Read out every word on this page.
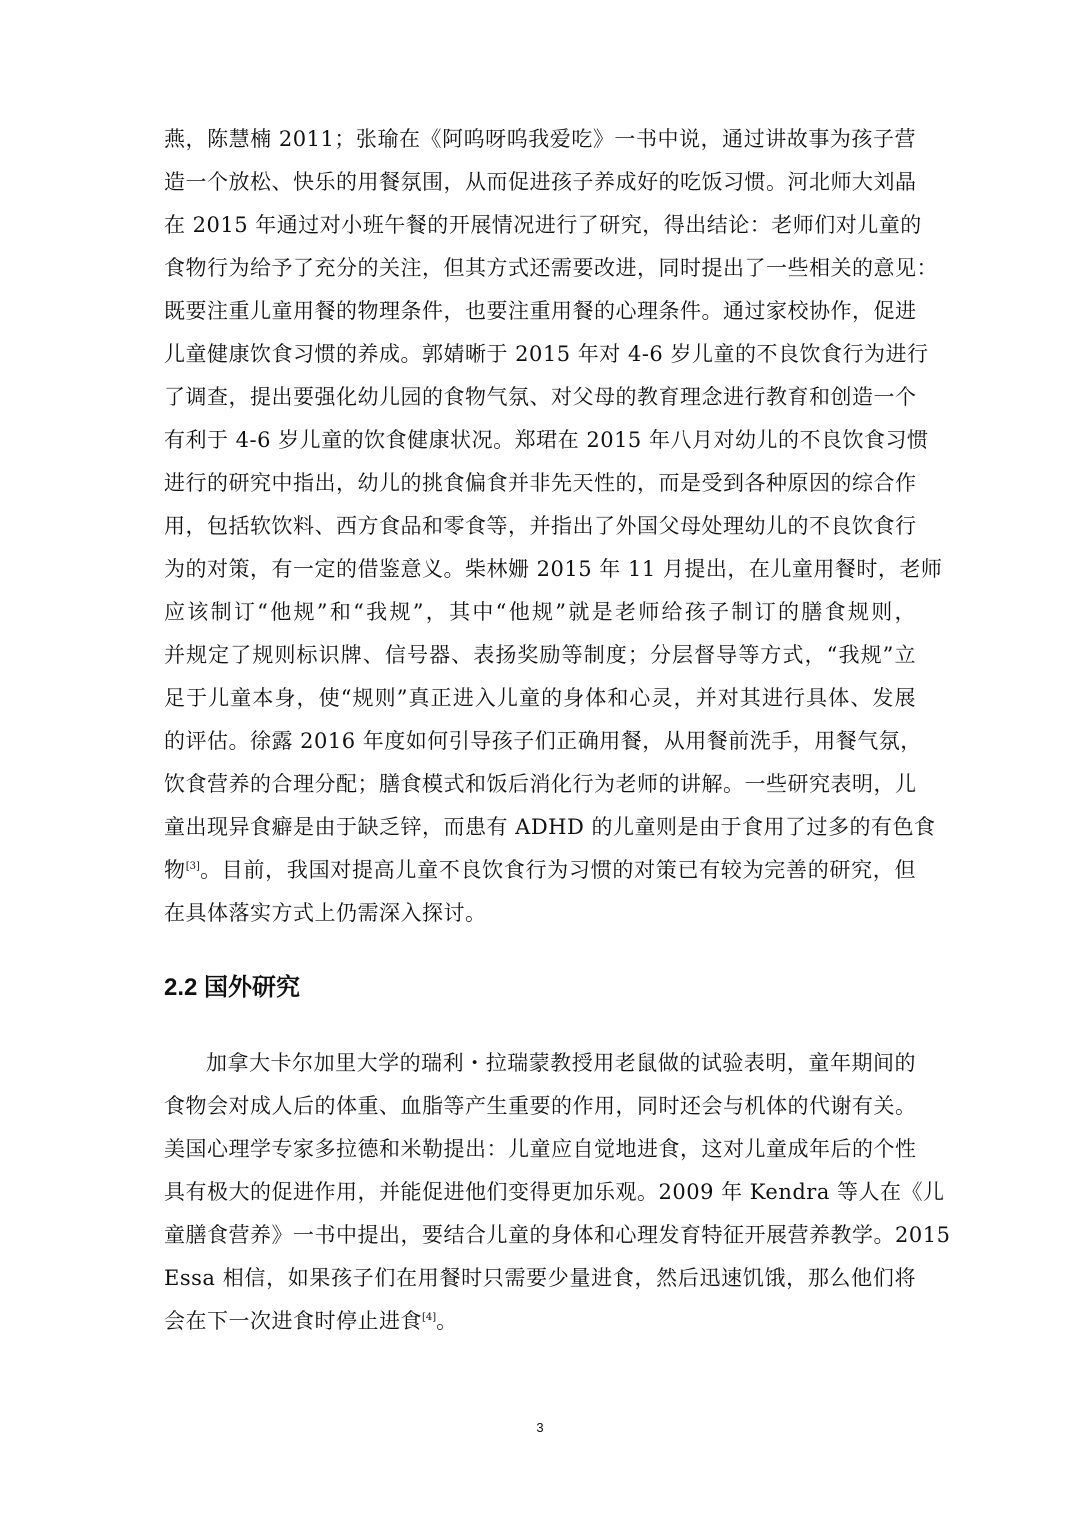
燕，陈慧楠 2011；张瑜在《阿呜呀呜我爱吃》一书中说，通过讲故事为孩子营
造一个放松、快乐的用餐氛围，从而促进孩子养成好的吃饭习惯。河北师大刘晶
在 2015 年通过对小班午餐的开展情况进行了研究，得出结论：老师们对儿童的
食物行为给予了充分的关注，但其方式还需要改进，同时提出了一些相关的意见：
既要注重儿童用餐的物理条件，也要注重用餐的心理条件。通过家校协作，促进
儿童健康饮食习惯的养成。郭婧晰于 2015 年对 4-6 岁儿童的不良饮食行为进行
了调查，提出要强化幼儿园的食物气氛、对父母的教育理念进行教育和创造一个
有利于 4-6 岁儿童的饮食健康状况。郑珺在 2015 年八月对幼儿的不良饮食习惯
进行的研究中指出，幼儿的挑食偏食并非先天性的，而是受到各种原因的综合作
用，包括软饮料、西方食品和零食等，并指出了外国父母处理幼儿的不良饮食行
为的对策，有一定的借鉴意义。柴林姗 2015 年 11 月提出，在儿童用餐时，老师
应该制订“他规”和“我规”，其中“他规”就是老师给孩子制订的膳食规则，
并规定了规则标识牌、信号器、表扬奖励等制度；分层督导等方式，“我规”立
足于儿童本身，使“规则”真正进入儿童的身体和心灵，并对其进行具体、发展
的评估。徐露 2016 年度如何引导孩子们正确用餐，从用餐前洗手，用餐气氛，
饮食营养的合理分配；膳食模式和饭后消化行为老师的讲解。一些研究表明，儿
童出现异食癖是由于缺乏锌，而患有 ADHD 的儿童则是由于食用了过多的有色食
物[3]。目前，我国对提高儿童不良饮食行为习惯的对策已有较为完善的研究，但
在具体落实方式上仍需深入探讨。
2.2 国外研究
加拿大卡尔加里大学的瑞利・拉瑞蒙教授用老鼠做的试验表明，童年期间的
食物会对成人后的体重、血脂等产生重要的作用，同时还会与机体的代谢有关。
美国心理学专家多拉德和米勒提出：儿童应自觉地进食，这对儿童成年后的个性
具有极大的促进作用，并能促进他们变得更加乐观。2009 年 Kendra 等人在《儿
童膳食营养》一书中提出，要结合儿童的身体和心理发育特征开展营养教学。2015
Essa 相信，如果孩子们在用餐时只需要少量进食，然后迅速饥饿，那么他们将
会在下一次进食时停止进食[4]。
3
